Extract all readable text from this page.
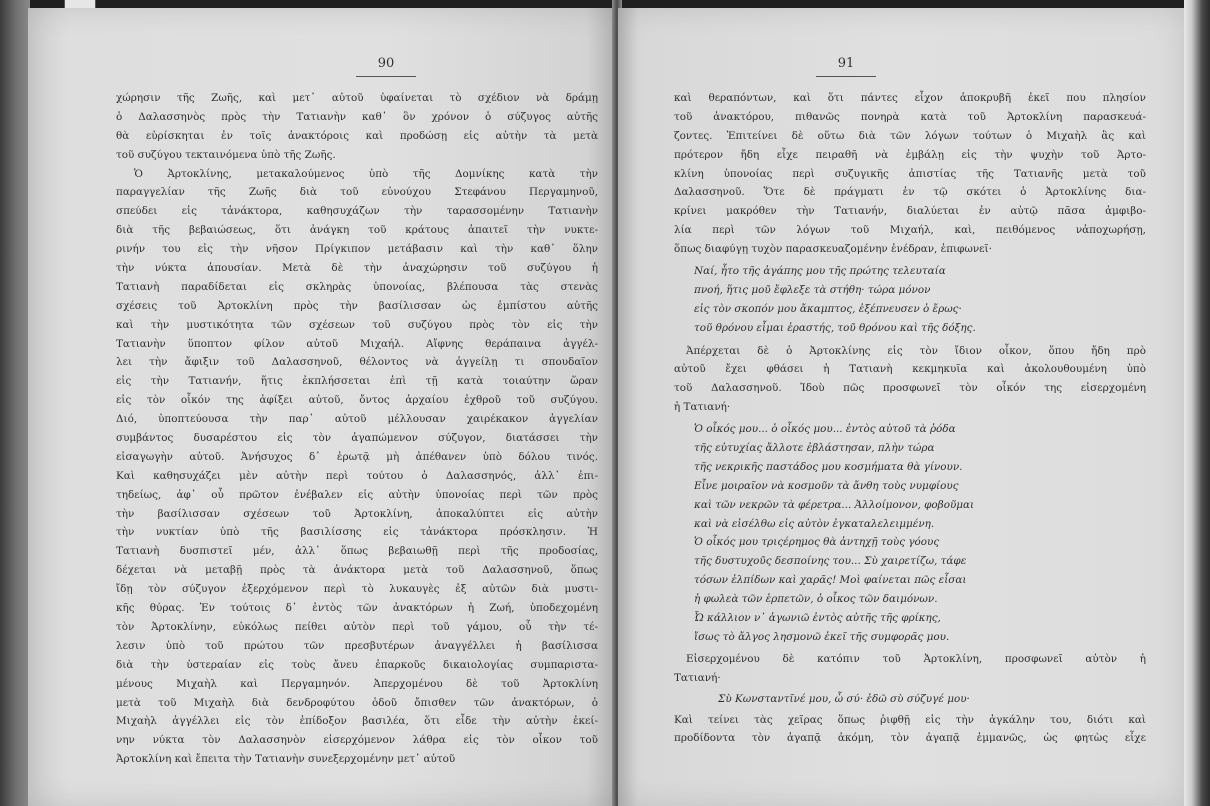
90
χώρησιν τῆς Ζωῆς, καὶ μετ᾽ αὐτοῦ ὑφαίνεται τὸ σχέδιον νὰ δράμῃ
ὁ Δαλασσηνὸς πρὸς τὴν Τατιανὴν καθ᾽ ὃν χρόνον ὁ σύζυγος αὐτῆς
θὰ εὑρίσκηται ἐν τοῖς ἀνακτόροις καὶ προδώσῃ εἰς αὐτὴν τὰ μετὰ
τοῦ συζύγου τεκταινόμενα ὑπὸ τῆς Ζωῆς.
Ὁ Ἀρτοκλίνης, μετακαλούμενος ὑπὸ τῆς Δομνίκης κατὰ τὴν
παραγγελίαν τῆς Ζωῆς διὰ τοῦ εὐνούχου Στεφάνου Περγαμηνοῦ,
σπεύδει εἰς τἀνάκτορα, καθησυχάζων τὴν ταρασσομένην Τατιανὴν
διὰ τῆς βεβαιώσεως, ὅτι ἀνάγκη τοῦ κράτους ἀπαιτεῖ τὴν νυκτε-
ρινήν του εἰς τὴν νῆσον Πρίγκιπον μετάβασιν καὶ τὴν καθ᾽ ὅλην
τὴν νύκτα ἀπουσίαν. Μετὰ δὲ τὴν ἀναχώρησιν τοῦ συζύγου ἡ
Τατιανὴ παραδίδεται εἰς σκληρὰς ὑπονοίας, βλέπουσα τὰς στενὰς
σχέσεις τοῦ Ἀρτοκλίνη πρὸς τὴν βασίλισσαν ὡς ἐμπίστου αὐτῆς
καὶ τὴν μυστικότητα τῶν σχέσεων τοῦ συζύγου πρὸς τὸν εἰς τὴν
Τατιανὴν ὕποπτον φίλον αὐτοῦ Μιχαήλ. Αἴφνης θεράπαινα ἀγγέλ-
λει τὴν ἄφιξιν τοῦ Δαλασσηνοῦ, θέλοντος νὰ ἀγγείλῃ τι σπουδαῖον
εἰς τὴν Τατιανήν, ἥτις ἐκπλήσσεται ἐπὶ τῇ κατὰ τοιαύτην ὥραν
εἰς τὸν οἶκόν της ἀφίξει αὐτοῦ, ὄντος ἀρχαίου ἐχθροῦ τοῦ συζύγου.
Διό, ὑποπτεύουσα τὴν παρ᾽ αὐτοῦ μέλλουσαν χαιρέκακον ἀγγελίαν
συμβάντος δυσαρέστου εἰς τὸν ἀγαπώμενον σύζυγον, διατάσσει τὴν
εἰσαγωγὴν αὐτοῦ. Ἀνήσυχος δ᾽ ἐρωτᾷ μὴ ἀπέθανεν ὑπὸ δόλου τινός.
Καὶ καθησυχάζει μὲν αὐτὴν περὶ τούτου ὁ Δαλασσηνός, ἀλλ᾽ ἐπι-
τηδείως, ἀφ᾽ οὗ πρῶτον ἐνέβαλεν εἰς αὐτὴν ὑπονοίας περὶ τῶν πρὸς
τὴν βασίλισσαν σχέσεων τοῦ Ἀρτοκλίνη, ἀποκαλύπτει εἰς αὐτὴν
τὴν νυκτίαν ὑπὸ τῆς βασιλίσσης εἰς τἀνάκτορα πρόσκλησιν. Ἡ
Τατιανὴ δυσπιστεῖ μέν, ἀλλ᾽ ὅπως βεβαιωθῇ περὶ τῆς προδοσίας,
δέχεται νὰ μεταβῇ πρὸς τὰ ἀνάκτορα μετὰ τοῦ Δαλασσηνοῦ, ὅπως
ἴδῃ τὸν σύζυγον ἐξερχόμενον περὶ τὸ λυκαυγὲς ἐξ αὐτῶν διὰ μυστι-
κῆς θύρας. Ἐν τούτοις δ᾽ ἐντὸς τῶν ἀνακτόρων ἡ Ζωή, ὑποδεχομένη
τὸν Ἀρτοκλίνην, εὐκόλως πείθει αὐτὸν περὶ τοῦ γάμου, οὗ τὴν τέ-
λεσιν ὑπὸ τοῦ πρώτου τῶν πρεσβυτέρων ἀναγγέλλει ἡ βασίλισσα
διὰ τὴν ὑστεραίαν εἰς τοὺς ἄνευ ἐπαρκοῦς δικαιολογίας συμπαριστα-
μένους Μιχαὴλ καὶ Περγαμηνόν. Ἀπερχομένου δὲ τοῦ Ἀρτοκλίνη
μετὰ τοῦ Μιχαὴλ διὰ δενδροφύτου ὁδοῦ ὄπισθεν τῶν ἀνακτόρων, ὁ
Μιχαὴλ ἀγγέλλει εἰς τὸν ἐπίδοξον βασιλέα, ὅτι εἶδε τὴν αὐτὴν ἐκεί-
νην νύκτα τὸν Δαλασσηνὸν εἰσερχόμενον λάθρα εἰς τὸν οἶκον τοῦ
Ἀρτοκλίνη καὶ ἔπειτα τὴν Τατιανὴν συνεξερχομένην μετ᾽ αὐτοῦ
91
καὶ θεραπόντων, καὶ ὅτι πάντες εἶχον ἀποκρυβῆ ἐκεῖ που πλησίον
τοῦ ἀνακτόρου, πιθανῶς πονηρὰ κατὰ τοῦ Ἀρτοκλίνη παρασκευά-
ζοντες. Ἐπιτείνει δὲ οὕτω διὰ τῶν λόγων τούτων ὁ Μιχαὴλ ἃς καὶ
πρότερον ἤδη εἶχε πειραθῆ νὰ ἐμβάλῃ εἰς τὴν ψυχὴν τοῦ Ἀρτο-
κλίνη ὑπονοίας περὶ συζυγικῆς ἀπιστίας τῆς Τατιανῆς μετὰ τοῦ
Δαλασσηνοῦ. Ὅτε δὲ πράγματι ἐν τῷ σκότει ὁ Ἀρτοκλίνης δια-
κρίνει μακρόθεν τὴν Τατιανήν, διαλύεται ἐν αὐτῷ πᾶσα ἀμφιβο-
λία περὶ τῶν λόγων τοῦ Μιχαήλ, καὶ, πειθόμενος νἀποχωρήσῃ,
ὅπως διαφύγῃ τυχὸν παρασκευαζομένην ἐνέδραν, ἐπιφωνεῖ·
Ναί, ἦτο τῆς ἀγάπης μου τῆς πρώτης τελευταία
πνοή, ἥτις μοῦ ἔφλεξε τὰ στήθη· τώρα μόνον
εἰς τὸν σκοπόν μου ἄκαμπτος, ἐξέπνευσεν ὁ ἔρως·
τοῦ θρόνου εἶμαι ἐραστής, τοῦ θρόνου καὶ τῆς δόξης.
Ἀπέρχεται δὲ ὁ Ἀρτοκλίνης εἰς τὸν ἴδιον οἶκον, ὅπου ἤδη πρὸ
αὐτοῦ ἔχει φθάσει ἡ Τατιανὴ κεκμηκυῖα καὶ ἀκολουθουμένη ὑπὸ
τοῦ Δαλασσηνοῦ. Ἰδοὺ πῶς προσφωνεῖ τὸν οἶκόν της εἰσερχομένη
ἡ Τατιανή·
Ὁ οἶκός μου... ὁ οἶκός μου... ἐντὸς αὐτοῦ τὰ ῥόδα
τῆς εὐτυχίας ἄλλοτε ἐβλάστησαν, πλὴν τώρα
τῆς νεκρικῆς παστάδος μου κοσμήματα θὰ γίνουν.
Εἶνε μοιραῖον νὰ κοσμοῦν τὰ ἄνθη τοὺς νυμφίους
καὶ τῶν νεκρῶν τὰ φέρετρα... Ἀλλοίμονον, φοβοῦμαι
καὶ νὰ εἰσέλθω εἰς αὐτὸν ἐγκαταλελειμμένη.
Ὁ οἶκός μου τριςέρημος θὰ ἀντηχῇ τοὺς γόους
τῆς δυστυχοῦς δεσποίνης του... Σὺ χαιρετίζω, τάφε
τόσων ἐλπίδων καὶ χαρᾶς! Μοὶ φαίνεται πῶς εἶσαι
ἡ φωλεὰ τῶν ἑρπετῶν, ὁ οἶκος τῶν δαιμόνων.
Ὦ κάλλιον ν᾽ ἀγωνιῶ ἐντὸς αὐτῆς τῆς φρίκης,
ἴσως τὸ ἄλγος λησμονῶ ἐκεῖ τῆς συμφορᾶς μου.
Εἰσερχομένου δὲ κατόπιν τοῦ Ἀρτοκλίνη, προσφωνεῖ αὐτὸν ἡ
Τατιανή·
Σὺ Κωνσταντῖνέ μου, ὦ σύ· ἐδῶ σὺ σύζυγέ μου·
Καὶ τείνει τὰς χεῖρας ὅπως ῥιφθῇ εἰς τὴν ἀγκάλην του, διότι καὶ
προδίδοντα τὸν ἀγαπᾷ ἀκόμη, τὸν ἀγαπᾷ ἐμμανῶς, ὡς φητὼς εἶχε
